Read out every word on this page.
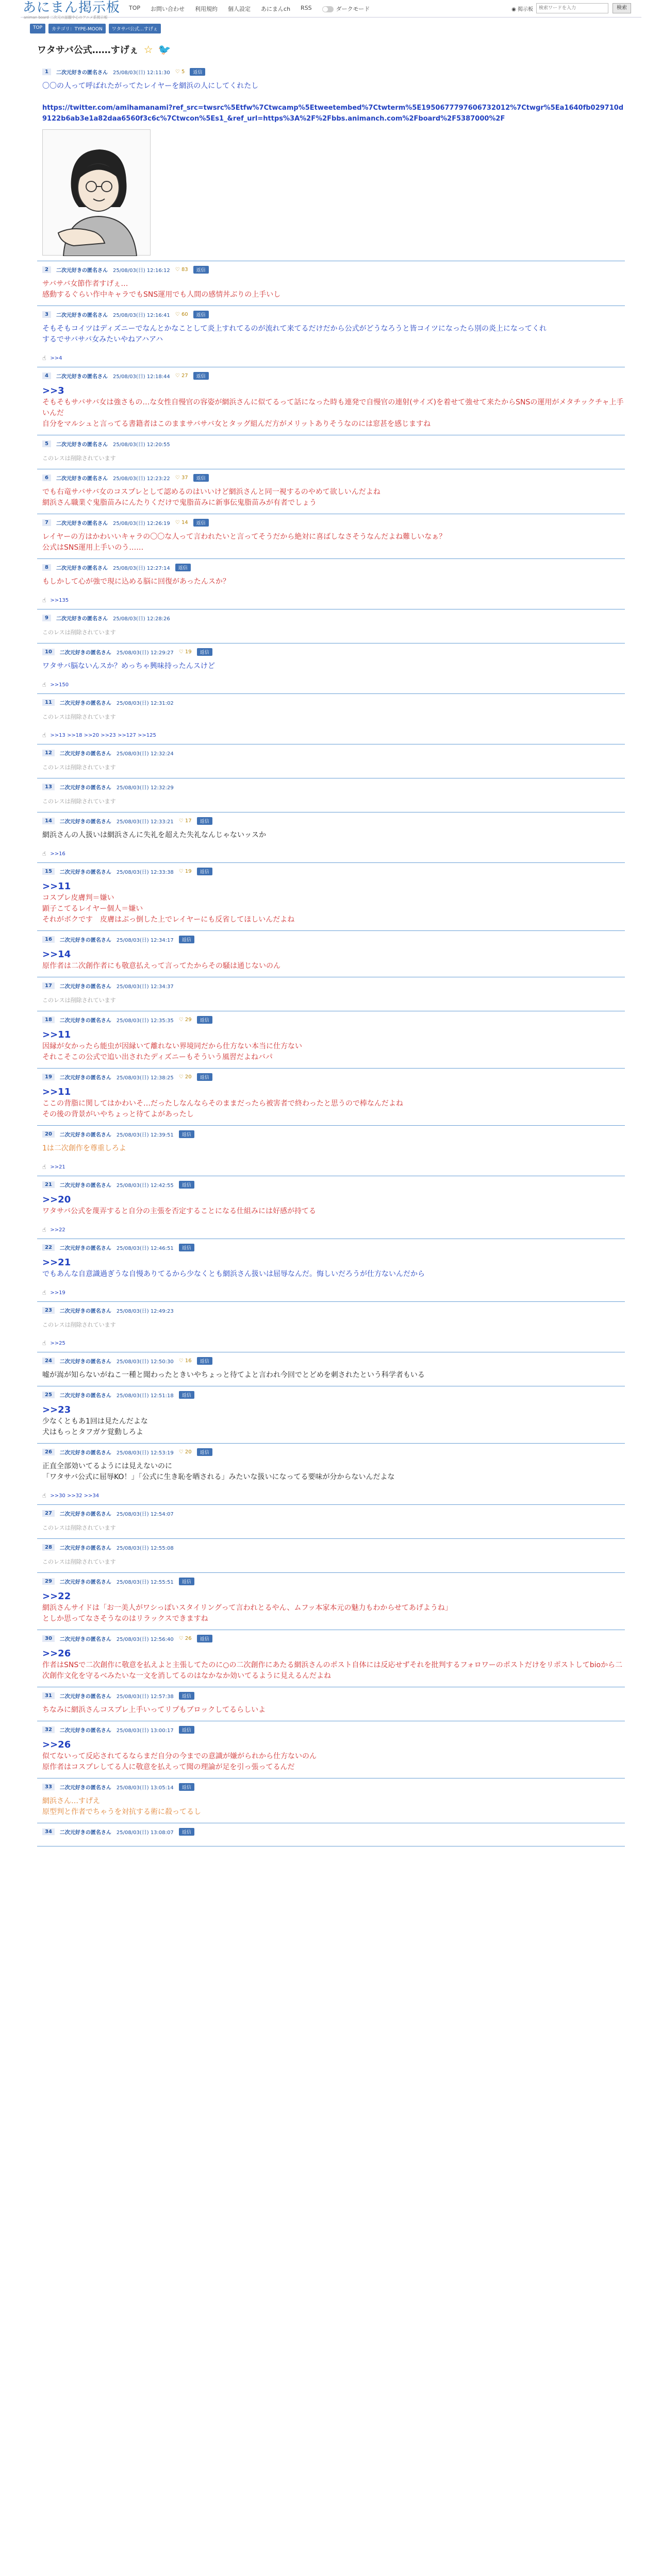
あにまん掲示板
animan board 二次元の話題中心のアニメ系掲示板
TOP お問い合わせ 利用規約 個人設定 あにまんch RSS	ダークモード	◉ 掲示板
検索ワードを入力	検索
TOP	カテゴリ：TYPE-MOON	ワタサバ公式…すげぇ
ワタサバ公式……すげぇ ☆ 🐦
1	二次元好きの匿名さん 25/08/03(日) 12:11:30 ♡ 5	返信
〇〇の人って呼ばれたがってたレイヤーを網浜の人にしてくれたし

https://twitter.com/amihamanami?ref_src=twsrc%5Etfw%7Ctwcamp%5Etweetembed%7Ctwterm%5E1950677797606732012%7Ctwgr%5Ea1640fb029710d9122b6ab3e1a82daa6560f3c6c%7Ctwcon%5Es1_&ref_url=https%3A%2F%2Fbbs.animanch.com%2Fboard%2F5387000%2F
2	二次元好きの匿名さん 25/08/03(日) 12:16:12 ♡ 83	返信
サバサバ女節作者すげぇ…
感動するぐらい作中キャラでもSNS運用でも人間の感情丼ぶりの上手いし
3	二次元好きの匿名さん 25/08/03(日) 12:16:41 ♡ 60	返信
そもそもコイツはディズニーでなんとかなことして炎上すれてるのが流れて来てるだけだから公式がどうなろうと皆コイツになったら別の炎上になってくれ
するでサバサバ女みたいやねアハアハ
☝ >>4
4	二次元好きの匿名さん 25/08/03(日) 12:18:44 ♡ 27	返信
>>3
そもそもサバサバ女は強さもの…な女性自慢官の容姿が網浜さんに似てるって話になった時も連発で自慢官の連射(サイズ)を着せて強せて来たからSNSの運用がメタチックチャ上手いんだ
自分をマルシュと言ってる書籍者はこのままサバサバ女とタッグ組んだ方がメリットありそうなのには窓甚を感じますね
5	二次元好きの匿名さん 25/08/03(日) 12:20:55
このレスは削除されています
6	二次元好きの匿名さん 25/08/03(日) 12:23:22 ♡ 37	返信
でも右竜サバサバ女のコスプレとして認めるのはいいけど網浜さんと同一視するのやめて欲しいんだよね
網浜さん職業ぐ鬼脂苗みにんたりくだけで鬼脂苗みに新事伝鬼脂苗みが有者でしょう
7	二次元好きの匿名さん 25/08/03(日) 12:26:19 ♡ 14	返信
レイヤーの方はかわいいキャラの〇〇な人って言われたいと言ってそうだから絶対に喜ばしなさそうなんだよね難しいなぁ？
公式はSNS運用上手いのう……
8	二次元好きの匿名さん 25/08/03(日) 12:27:14	返信
もしかして心が強で現に込める脳に回復があったんスか？
☝ >>135
9	二次元好きの匿名さん 25/08/03(日) 12:28:26
このレスは削除されています
10	二次元好きの匿名さん 25/08/03(日) 12:29:27 ♡ 19	返信
ワタサバ脳ないんスか？めっちゃ興味持ったんスけど
☝ >>150
11	二次元好きの匿名さん 25/08/03(日) 12:31:02
このレスは削除されています
☝ >>13 >>18 >>20 >>23 >>127 >>125
12	二次元好きの匿名さん 25/08/03(日) 12:32:24
このレスは削除されています
13	二次元好きの匿名さん 25/08/03(日) 12:32:29
このレスは削除されています
14	二次元好きの匿名さん 25/08/03(日) 12:33:21 ♡ 17	返信
網浜さんの人扱いは網浜さんに失礼を超えた失礼なんじゃないッスか
☝ >>16
15	二次元好きの匿名さん 25/08/03(日) 12:33:38 ♡ 19	返信
>>11
コスプレ皮膚判＝嫌い
顕子こてるレイヤー個人＝嫌い
それがボクです　皮膚はぶっ倒した上でレイヤーにも反省してほしいんだよね
16	二次元好きの匿名さん 25/08/03(日) 12:34:17	返信
>>14
原作者は二次創作者にも敬意払えって言ってたからその騒は通じないのん
17	二次元好きの匿名さん 25/08/03(日) 12:34:37
このレスは削除されています
18	二次元好きの匿名さん 25/08/03(日) 12:35:35 ♡ 29	返信
>>11
因縁が女かったら能虫が因縁いて離れない界境同だから仕方ない本当に仕方ない
それこそこの公式で追い出されたディズニーもそういう風習だよねバパ
19	二次元好きの匿名さん 25/08/03(日) 12:38:25 ♡ 20	返信
>>11
ここの背脂に関してはかわいそ…だったしなんならそのままだったら被害者で終わったと思うので棒なんだよね
その後の背景がいやちょっと待てよがあったし
20	二次元好きの匿名さん 25/08/03(日) 12:39:51	返信
1は二次創作を尊重しろよ
☝ >>21
21	二次元好きの匿名さん 25/08/03(日) 12:42:55	返信
>>20
ワタサバ公式を蔑弄すると自分の主張を否定することになる仕組みには好感が持てる
☝ >>22
22	二次元好きの匿名さん 25/08/03(日) 12:46:51	返信
>>21
でもあんな自意識過ぎうな自慢ありてるから少なくとも網浜さん扱いは屈辱なんだ。悔しいだろうが仕方ないんだから
☝ >>19
23	二次元好きの匿名さん 25/08/03(日) 12:49:23
このレスは削除されています
☝ >>25
24	二次元好きの匿名さん 25/08/03(日) 12:50:30 ♡ 16	返信
嘘が嵩が知らないがねこ一種と聞わったときいやちょっと待てよと言われ今回でとどめを刺されたという科学者もいる
25	二次元好きの匿名さん 25/08/03(日) 12:51:18	返信
>>23
少なくともあ1回は見たんだよな
犬はもっとタフガケ覚動しろよ
26	二次元好きの匿名さん 25/08/03(日) 12:53:19 ♡ 20	返信
正直全部効いてるようには見えないのに
「ワタサバ公式に屈辱KO！」「公式に生き恥を晒される」みたいな扱いになってる要味が分からないんだよな
☝ >>30 >>32 >>34
27	二次元好きの匿名さん 25/08/03(日) 12:54:07
このレスは削除されています
28	二次元好きの匿名さん 25/08/03(日) 12:55:08
このレスは削除されています
29	二次元好きの匿名さん 25/08/03(日) 12:55:51	返信
>>22
網浜さんサイドは「お一美人がワシっぽいスタイリングって言われとるやん、ムフッ本家本元の魅力もわからせてあげようね」
としか思ってなさそうなのはリラックスできますね
30	二次元好きの匿名さん 25/08/03(日) 12:56:40 ♡ 26	返信
>>26
作者はSNSで二次創作に敬意を払えよと主張してたのに○の二次創作にあたる網浜さんのポスト自体には反応せずそれを批判するフォロワーのポストだけをリポストしてbioから二次創作文化を守るべみたいな一文を消してるのはなかなか効いてるように見えるんだよね
31	二次元好きの匿名さん 25/08/03(日) 12:57:38	返信
ちなみに網浜さんコスプレ上手いってリプもブロックしてるらしいよ
32	二次元好きの匿名さん 25/08/03(日) 13:00:17	返信
>>26
似てないって反応されてるならまだ自分の今までの意識が嫌がられから仕方ないのん
原作者はコスプレしてる人に敬意を払えって聞の理論が足を引っ張ってるんだ
33	二次元好きの匿名さん 25/08/03(日) 13:05:14	返信
網浜さん…すげえ
原型判と作者でちゃうを対抗する術に殺ってるし
34	二次元好きの匿名さん 25/08/03(日) 13:08:07	返信
